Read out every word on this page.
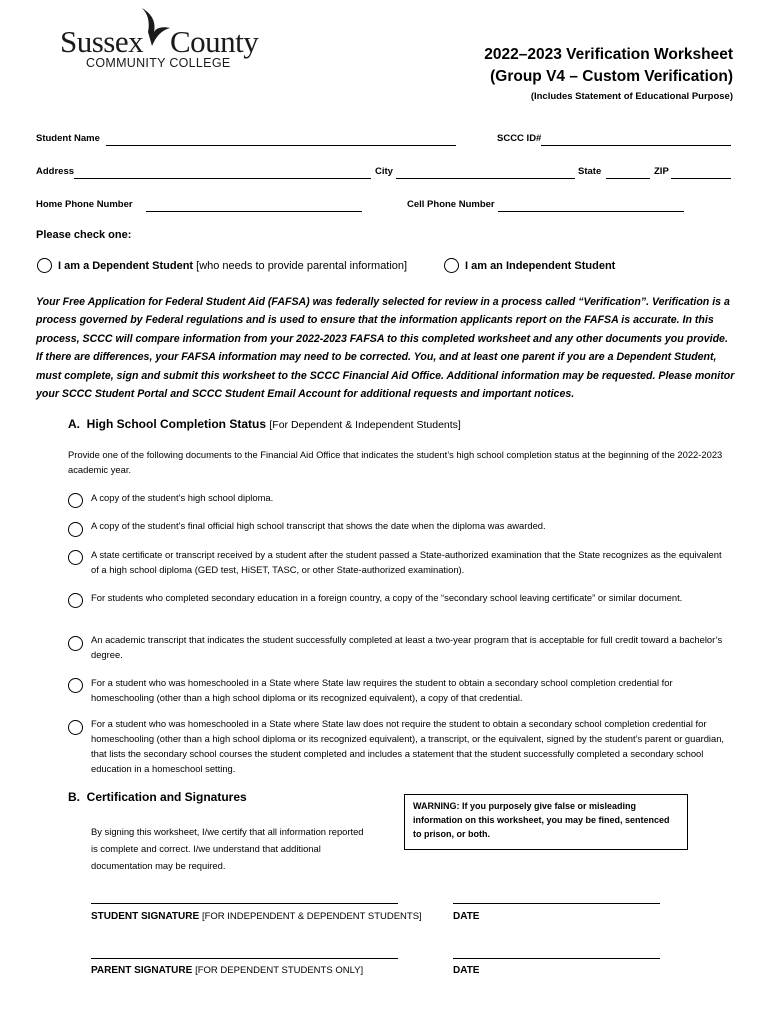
Sussex County
COMMUNITY COLLEGE	2022–2023 Verification Worksheet
(Group V4 – Custom Verification)
(Includes Statement of Educational Purpose)
Student Name	SCCC ID#
Address	City	State	ZIP
Home Phone Number	Cell Phone Number
Please check one:
I am a Dependent Student [who needs to provide parental information]	I am an Independent Student
Your Free Application for Federal Student Aid (FAFSA) was federally selected for review in a process called “Verification”. Verification is a process governed by Federal regulations and is used to ensure that the information applicants report on the FAFSA is accurate. In this process, SCCC will compare information from your 2022-2023 FAFSA to this completed worksheet and any other documents you provide. If there are differences, your FAFSA information may need to be corrected. You, and at least one parent if you are a Dependent Student, must complete, sign and submit this worksheet to the SCCC Financial Aid Office. Additional information may be requested. Please monitor your SCCC Student Portal and SCCC Student Email Account for additional requests and important notices.
A. High School Completion Status [For Dependent & Independent Students]
Provide one of the following documents to the Financial Aid Office that indicates the student’s high school completion status at the beginning of the 2022-2023 academic year.
A copy of the student’s high school diploma.
A copy of the student’s final official high school transcript that shows the date when the diploma was awarded.
A state certificate or transcript received by a student after the student passed a State-authorized examination that the State recognizes as the equivalent of a high school diploma (GED test, HiSET, TASC, or other State-authorized examination).
For students who completed secondary education in a foreign country, a copy of the “secondary school leaving certificate” or similar document.
An academic transcript that indicates the student successfully completed at least a two-year program that is acceptable for full credit toward a bachelor’s degree.
For a student who was homeschooled in a State where State law requires the student to obtain a secondary school completion credential for homeschooling (other than a high school diploma or its recognized equivalent), a copy of that credential.
For a student who was homeschooled in a State where State law does not require the student to obtain a secondary school completion credential for homeschooling (other than a high school diploma or its recognized equivalent), a transcript, or the equivalent, signed by the student’s parent or guardian, that lists the secondary school courses the student completed and includes a statement that the student successfully completed a secondary school education in a homeschool setting.
B. Certification and Signatures
By signing this worksheet, I/we certify that all information reported is complete and correct. I/we understand that additional documentation may be required.
WARNING: If you purposely give false or misleading information on this worksheet, you may be fined, sentenced to prison, or both.
STUDENT SIGNATURE [FOR INDEPENDENT & DEPENDENT STUDENTS]	DATE
PARENT SIGNATURE [FOR DEPENDENT STUDENTS ONLY]	DATE
